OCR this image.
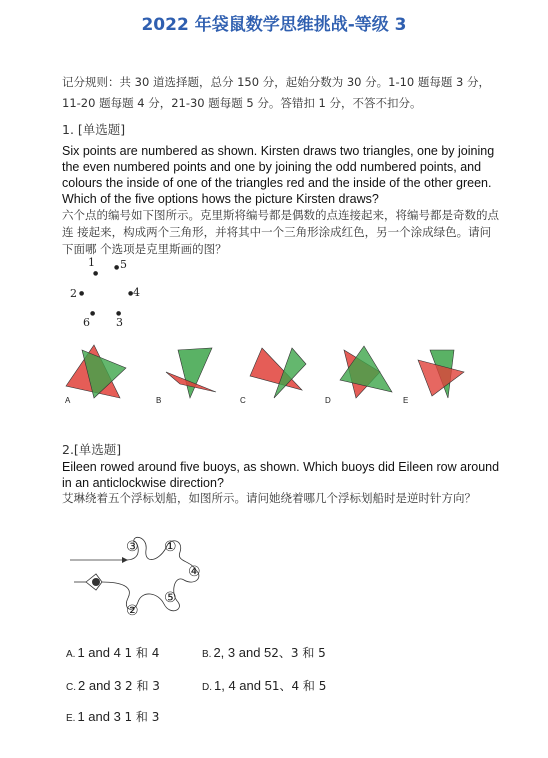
2022 年袋鼠数学思维挑战-等级 3
记分规则：共 30 道选择题，总分 150 分，起始分数为 30 分。1-10 题每题 3 分，11-20 题每题 4 分，21-30 题每题 5 分。答错扣 1 分，不答不扣分。
1. [单选题]
Six points are numbered as shown. Kirsten draws two triangles, one by joining the even numbered points and one by joining the odd numbered points, and colours the inside of one of the triangles red and the inside of the other green. Which of the five options hows the picture Kirsten draws?
六个点的编号如下图所示。克里斯将编号都是偶数的点连接起来，将编号都是奇数的点连 接起来，构成两个三角形，并将其中一个三角形涂成红色，另一个涂成绿色。请问下面哪 个选项是克里斯画的图？
1
●
● 5
2 ●	● 4
6
●	●
3
A	B	C	D	E
2.[单选题]
Eileen rowed around five buoys, as shown. Which buoys did Eileen row around in an anticlockwise direction?
艾琳绕着五个浮标划船，如图所示。请问她绕着哪几个浮标划船时是逆时针方向？
③ ①
④
②
⑤
A. 1 and 4 1 和 4	B. 2, 3 and 52、3 和 5
C. 2 and 3 2 和 3	D. 1, 4 and 51、4 和 5
E. 1 and 3 1 和 3
